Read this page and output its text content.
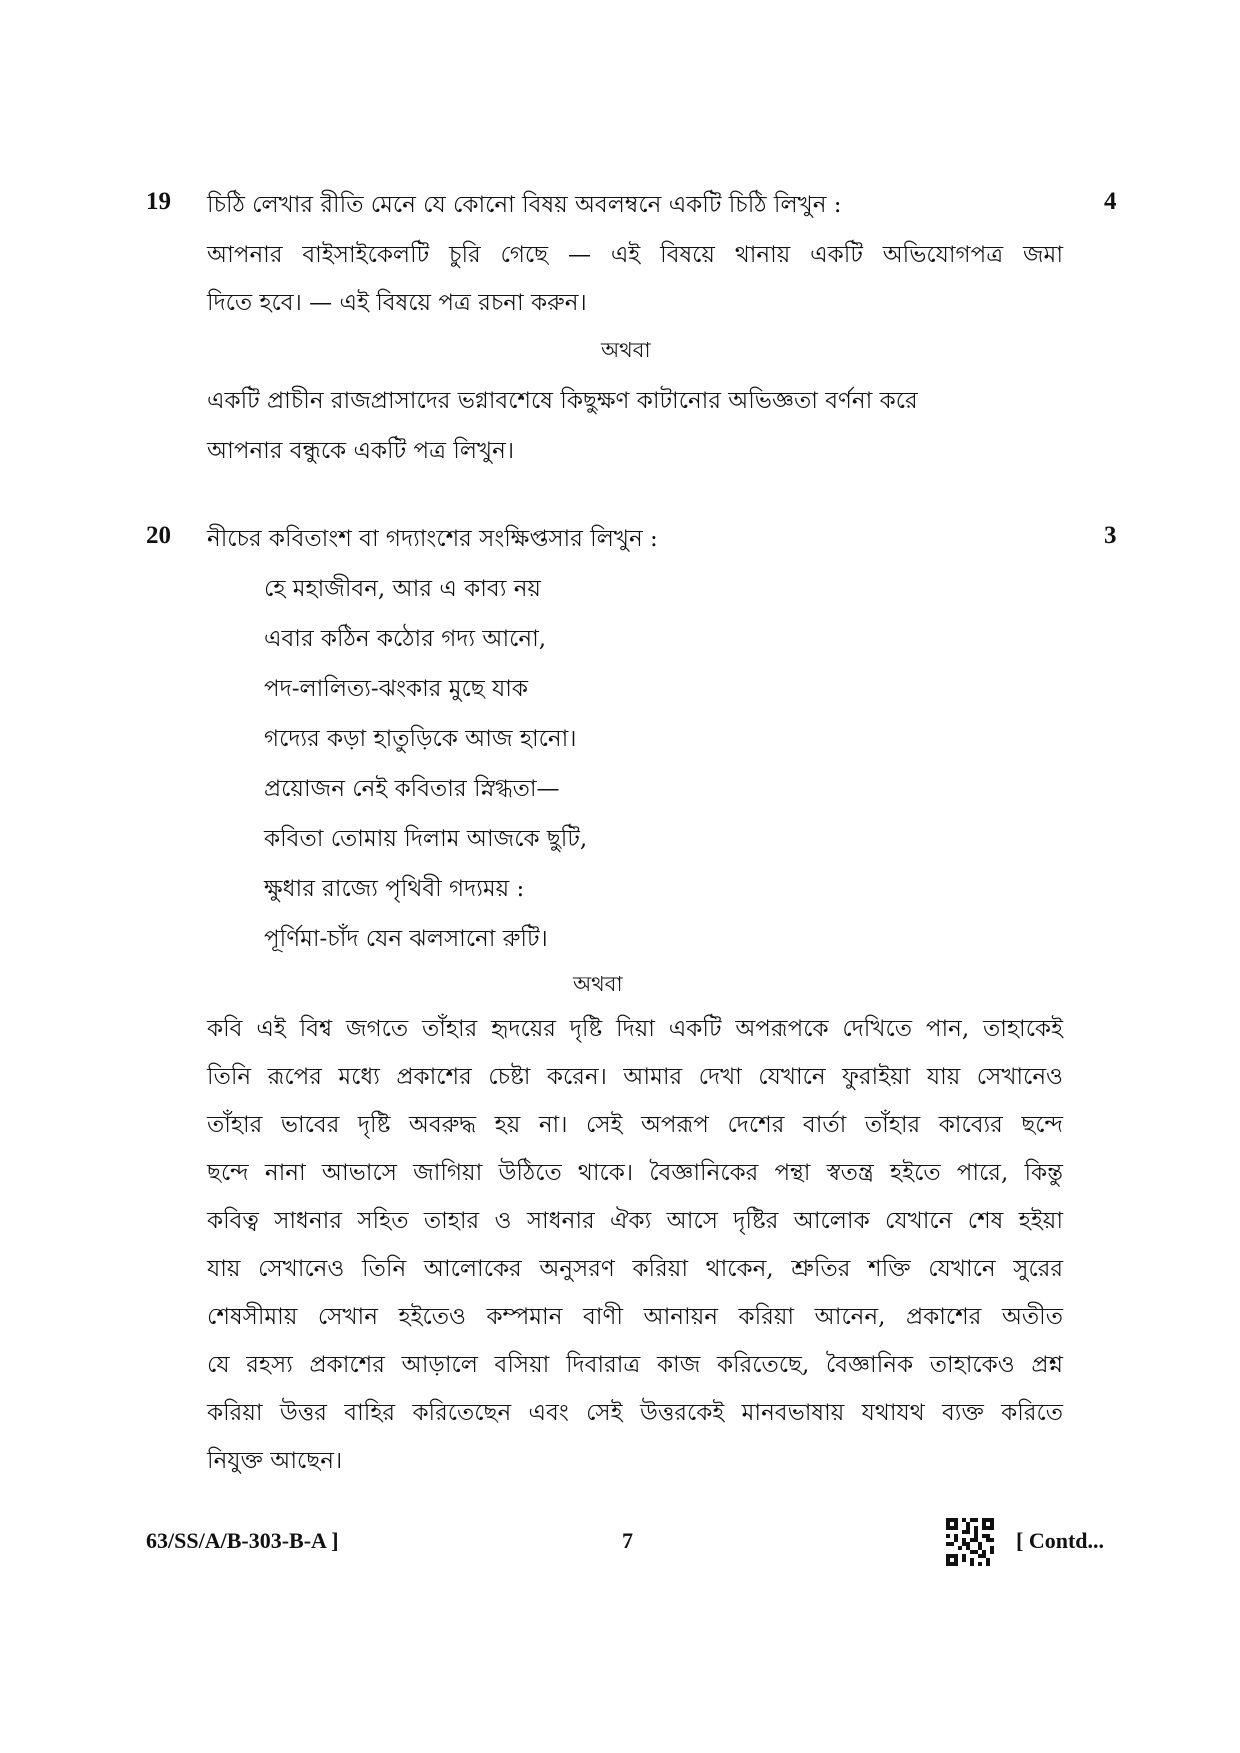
19 চিঠি লেখার রীতি মেনে যে কোনো বিষয় অবলম্বনে একটি চিঠি লিখুন :	4
আপনার বাইসাইকেলটি চুরি গেছে — এই বিষয়ে থানায় একটি অভিযোগপত্র জমা
দিতে হবে। — এই বিষয়ে পত্র রচনা করুন।
অথবা
একটি প্রাচীন রাজপ্রাসাদের ভগ্নাবশেষে কিছুক্ষণ কাটানোর অভিজ্ঞতা বর্ণনা করে
আপনার বন্ধুকে একটি পত্র লিখুন।
20 নীচের কবিতাংশ বা গদ্যাংশের সংক্ষিপ্তসার লিখুন :	3
হে মহাজীবন, আর এ কাব্য নয়
এবার কঠিন কঠোর গদ্য আনো,
পদ-লালিত্য-ঝংকার মুছে যাক
গদ্যের কড়া হাতুড়িকে আজ হানো।
প্রয়োজন নেই কবিতার স্নিগ্ধতা—
কবিতা তোমায় দিলাম আজকে ছুটি,
ক্ষুধার রাজ্যে পৃথিবী গদ্যময় :
পূর্ণিমা-চাঁদ যেন ঝলসানো রুটি।
অথবা
কবি এই বিশ্ব জগতে তাঁহার হৃদয়ের দৃষ্টি দিয়া একটি অপরূপকে দেখিতে পান, তাহাকেই
তিনি রূপের মধ্যে প্রকাশের চেষ্টা করেন। আমার দেখা যেখানে ফুরাইয়া যায় সেখানেও
তাঁহার ভাবের দৃষ্টি অবরুদ্ধ হয় না। সেই অপরূপ দেশের বার্তা তাঁহার কাব্যের ছন্দে
ছন্দে নানা আভাসে জাগিয়া উঠিতে থাকে। বৈজ্ঞানিকের পন্থা স্বতন্ত্র হইতে পারে, কিন্তু
কবিত্ব সাধনার সহিত তাহার ও সাধনার ঐক্য আসে দৃষ্টির আলোক যেখানে শেষ হইয়া
যায় সেখানেও তিনি আলোকের অনুসরণ করিয়া থাকেন, শ্রুতির শক্তি যেখানে সুরের
শেষসীমায় সেখান হইতেও কম্পমান বাণী আনায়ন করিয়া আনেন, প্রকাশের অতীত
যে রহস্য প্রকাশের আড়ালে বসিয়া দিবারাত্র কাজ করিতেছে, বৈজ্ঞানিক তাহাকেও প্রশ্ন
করিয়া উত্তর বাহির করিতেছেন এবং সেই উত্তরকেই মানবভাষায় যথাযথ ব্যক্ত করিতে
নিযুক্ত আছেন।
63/SS/A/B-303-B-A ]	7	[ Contd...
